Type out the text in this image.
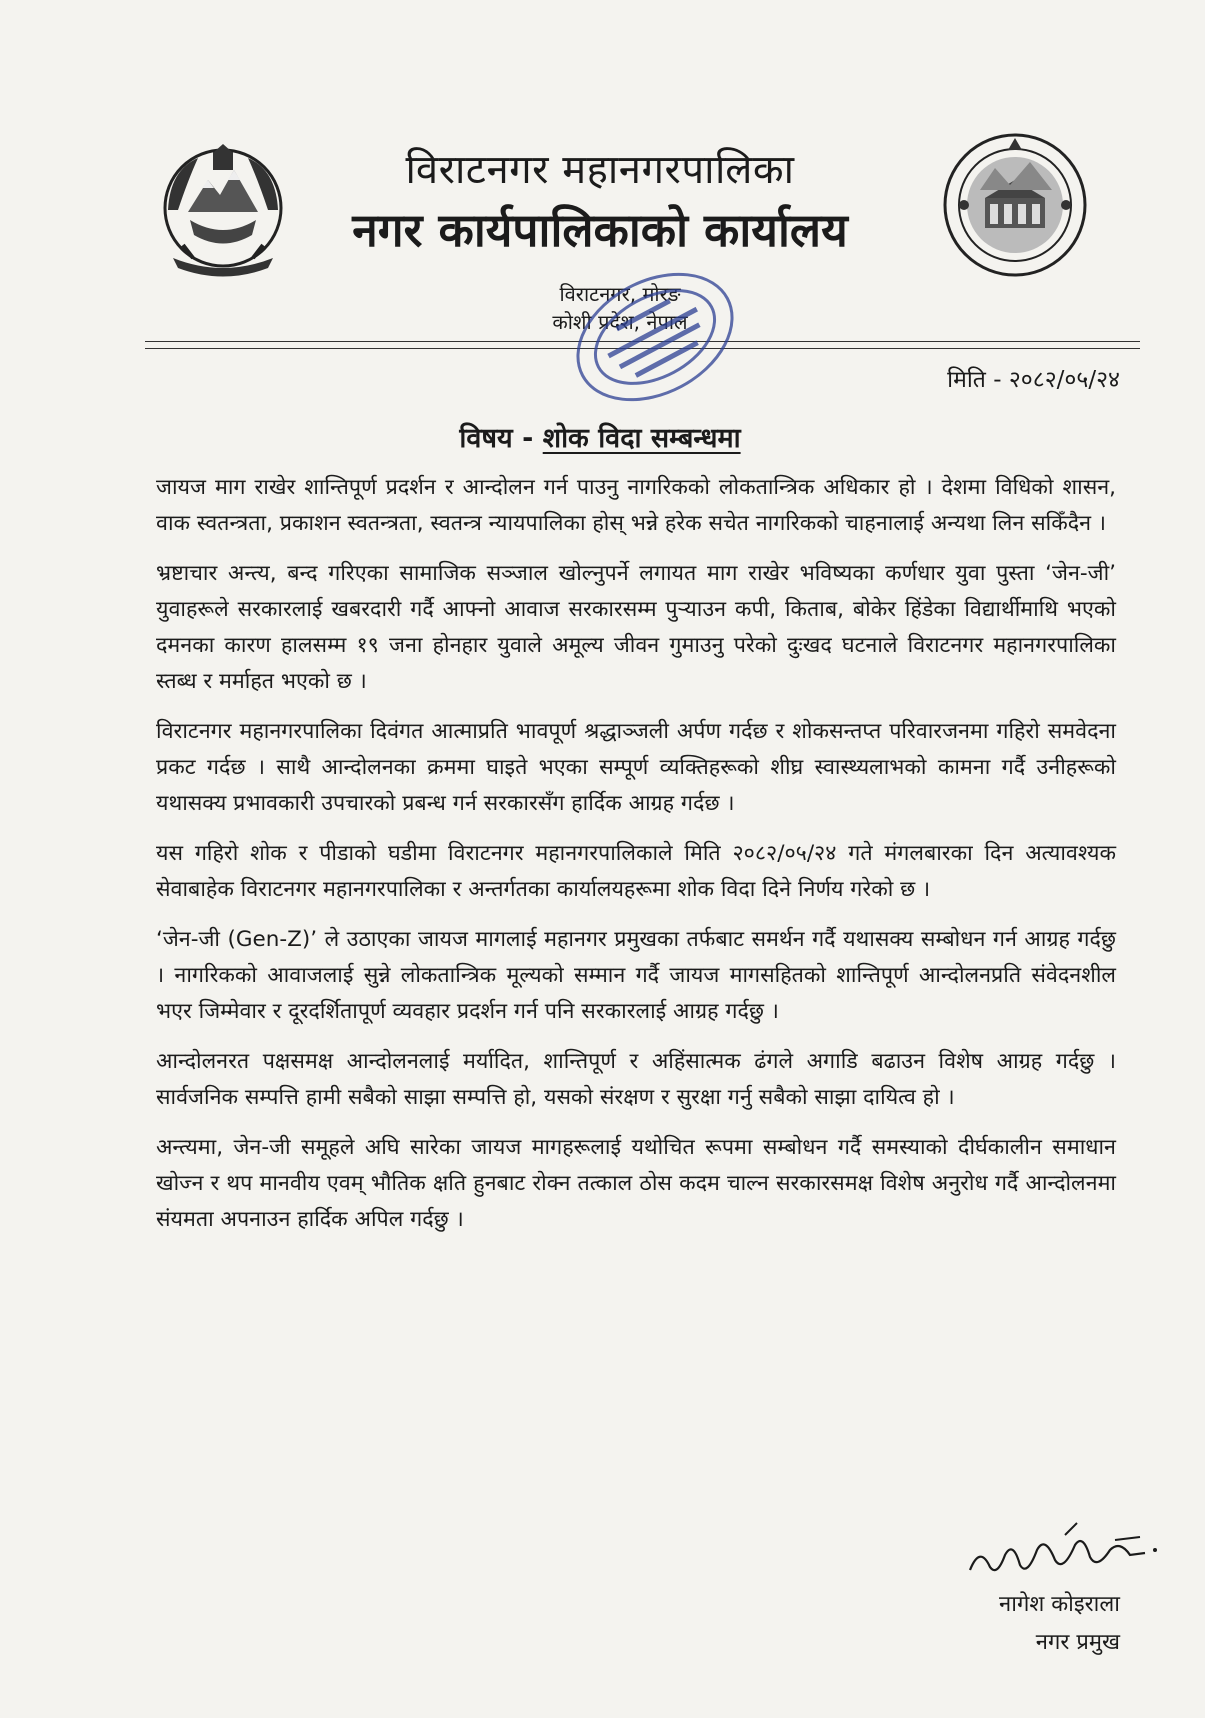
विराटनगर महानगरपालिका
नगर कार्यपालिकाको कार्यालय
विराटनगर, मोरङ
कोशी प्रदेश, नेपाल
मिति - २०८२/०५/२४
विषय - शोक विदा सम्बन्धमा

जायज माग राखेर शान्तिपूर्ण प्रदर्शन र आन्दोलन गर्न पाउनु नागरिकको लोकतान्त्रिक अधिकार हो । देशमा विधिको शासन, वाक स्वतन्त्रता, प्रकाशन स्वतन्त्रता, स्वतन्त्र न्यायपालिका होस् भन्ने हरेक सचेत नागरिकको चाहनालाई अन्यथा लिन सकिँदैन ।

भ्रष्टाचार अन्त्य, बन्द गरिएका सामाजिक सञ्जाल खोल्नुपर्ने लगायत माग राखेर भविष्यका कर्णधार युवा पुस्ता ‘जेन-जी’ युवाहरूले सरकारलाई खबरदारी गर्दै आफ्नो आवाज सरकारसम्म पुऱ्याउन कपी, किताब, बोकेर हिंडेका विद्यार्थीमाथि भएको दमनका कारण हालसम्म १९ जना होनहार युवाले अमूल्य जीवन गुमाउनु परेको दुःखद घटनाले विराटनगर महानगरपालिका स्तब्ध र मर्माहत भएको छ ।

विराटनगर महानगरपालिका दिवंगत आत्माप्रति भावपूर्ण श्रद्धाञ्जली अर्पण गर्दछ र शोकसन्तप्त परिवारजनमा गहिरो समवेदना प्रकट गर्दछ । साथै आन्दोलनका क्रममा घाइते भएका सम्पूर्ण व्यक्तिहरूको शीघ्र स्वास्थ्यलाभको कामना गर्दै उनीहरूको यथासक्य प्रभावकारी उपचारको प्रबन्ध गर्न सरकारसँग हार्दिक आग्रह गर्दछ ।

यस गहिरो शोक र पीडाको घडीमा विराटनगर महानगरपालिकाले मिति २०८२/०५/२४ गते मंगलबारका दिन अत्यावश्यक सेवाबाहेक विराटनगर महानगरपालिका र अन्तर्गतका कार्यालयहरूमा शोक विदा दिने निर्णय गरेको छ ।

‘जेन-जी (Gen-Z)’ ले उठाएका जायज मागलाई महानगर प्रमुखका तर्फबाट समर्थन गर्दै यथासक्य सम्बोधन गर्न आग्रह गर्दछु । नागरिकको आवाजलाई सुन्ने लोकतान्त्रिक मूल्यको सम्मान गर्दै जायज मागसहितको शान्तिपूर्ण आन्दोलनप्रति संवेदनशील भएर जिम्मेवार र दूरदर्शितापूर्ण व्यवहार प्रदर्शन गर्न पनि सरकारलाई आग्रह गर्दछु ।

आन्दोलनरत पक्षसमक्ष आन्दोलनलाई मर्यादित, शान्तिपूर्ण र अहिंसात्मक ढंगले अगाडि बढाउन विशेष आग्रह गर्दछु । सार्वजनिक सम्पत्ति हामी सबैको साझा सम्पत्ति हो, यसको संरक्षण र सुरक्षा गर्नु सबैको साझा दायित्व हो ।

अन्त्यमा, जेन-जी समूहले अघि सारेका जायज मागहरूलाई यथोचित रूपमा सम्बोधन गर्दै समस्याको दीर्घकालीन समाधान खोज्न र थप मानवीय एवम् भौतिक क्षति हुनबाट रोक्न तत्काल ठोस कदम चाल्न सरकारसमक्ष विशेष अनुरोध गर्दै आन्दोलनमा संयमता अपनाउन हार्दिक अपिल गर्दछु ।

नागेश कोइराला
नगर प्रमुख
